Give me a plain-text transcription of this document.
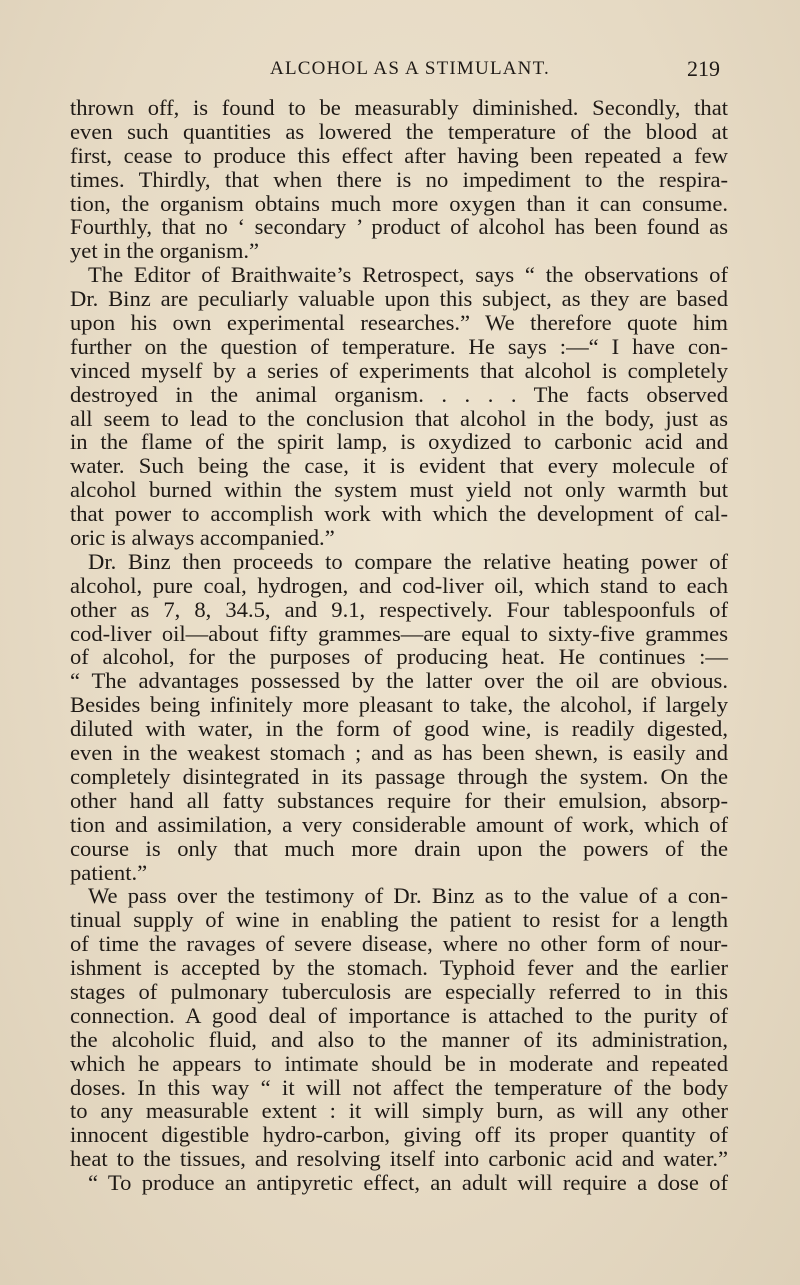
ALCOHOL AS A STIMULANT.	219
thrown off, is found to be measurably diminished. Secondly, that
even such quantities as lowered the temperature of the blood at
first, cease to produce this effect after having been repeated a few
times. Thirdly, that when there is no impediment to the respira-
tion, the organism obtains much more oxygen than it can consume.
Fourthly, that no ‘ secondary ’ product of alcohol has been found as
yet in the organism.”
The Editor of Braithwaite’s Retrospect, says “ the observations of
Dr. Binz are peculiarly valuable upon this subject, as they are based
upon his own experimental researches.” We therefore quote him
further on the question of temperature. He says :—“ I have con-
vinced myself by a series of experiments that alcohol is completely
destroyed in the animal organism. . . . . The facts observed
all seem to lead to the conclusion that alcohol in the body, just as
in the flame of the spirit lamp, is oxydized to carbonic acid and
water. Such being the case, it is evident that every molecule of
alcohol burned within the system must yield not only warmth but
that power to accomplish work with which the development of cal-
oric is always accompanied.”
Dr. Binz then proceeds to compare the relative heating power of
alcohol, pure coal, hydrogen, and cod-liver oil, which stand to each
other as 7, 8, 34.5, and 9.1, respectively. Four tablespoonfuls of
cod-liver oil—about fifty grammes—are equal to sixty-five grammes
of alcohol, for the purposes of producing heat. He continues :—
“ The advantages possessed by the latter over the oil are obvious.
Besides being infinitely more pleasant to take, the alcohol, if largely
diluted with water, in the form of good wine, is readily digested,
even in the weakest stomach ; and as has been shewn, is easily and
completely disintegrated in its passage through the system. On the
other hand all fatty substances require for their emulsion, absorp-
tion and assimilation, a very considerable amount of work, which of
course is only that much more drain upon the powers of the
patient.”
We pass over the testimony of Dr. Binz as to the value of a con-
tinual supply of wine in enabling the patient to resist for a length
of time the ravages of severe disease, where no other form of nour-
ishment is accepted by the stomach. Typhoid fever and the earlier
stages of pulmonary tuberculosis are especially referred to in this
connection. A good deal of importance is attached to the purity of
the alcoholic fluid, and also to the manner of its administration,
which he appears to intimate should be in moderate and repeated
doses. In this way “ it will not affect the temperature of the body
to any measurable extent : it will simply burn, as will any other
innocent digestible hydro-carbon, giving off its proper quantity of
heat to the tissues, and resolving itself into carbonic acid and water.”
“ To produce an antipyretic effect, an adult will require a dose of
